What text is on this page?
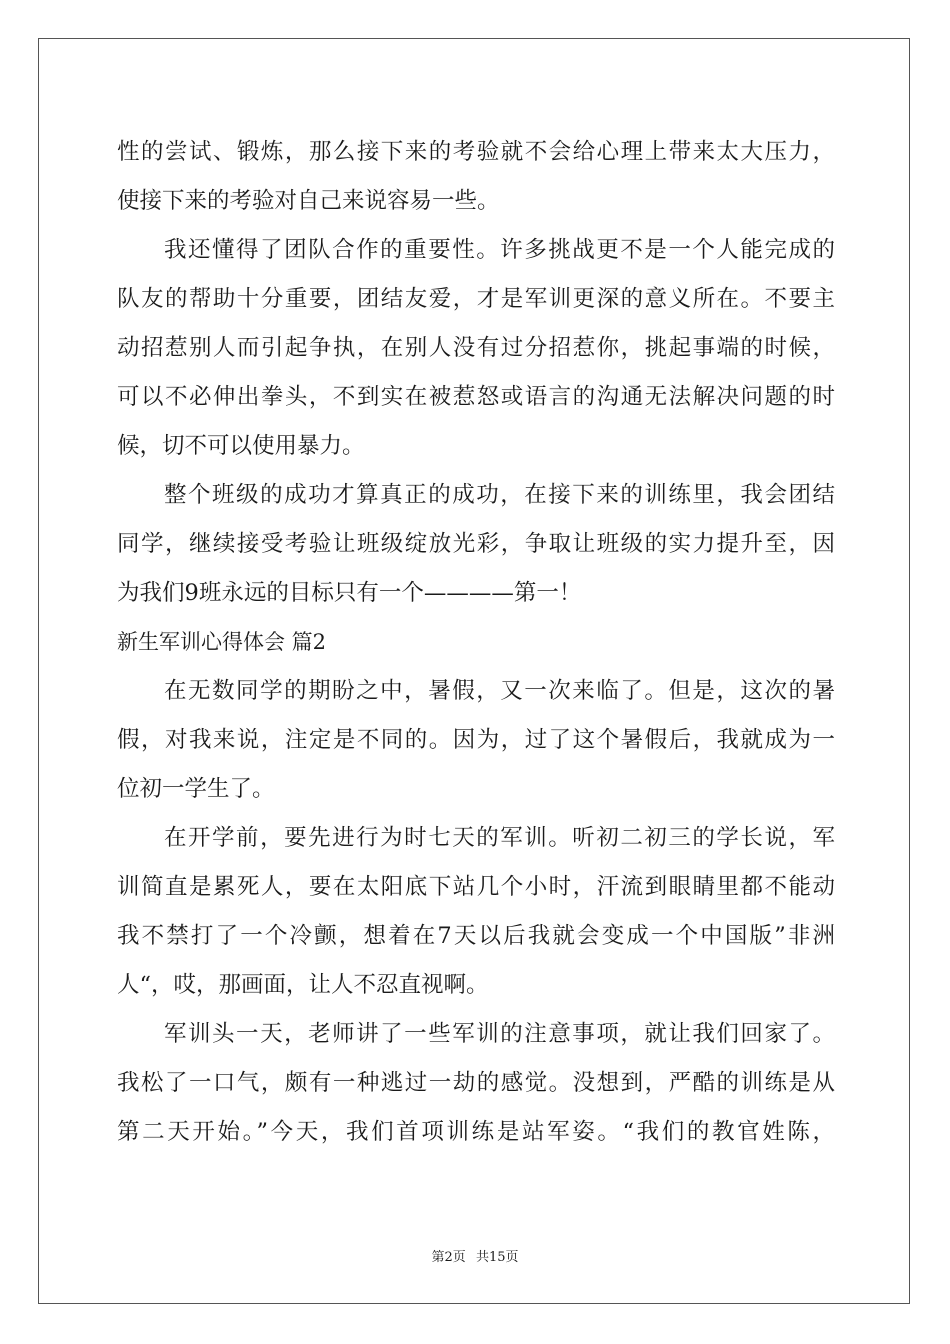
性的尝试、锻炼，那么接下来的考验就不会给心理上带来太大压力，
使接下来的考验对自己来说容易一些。
我还懂得了团队合作的重要性。许多挑战更不是一个人能完成的
队友的帮助十分重要，团结友爱，才是军训更深的意义所在。不要主
动招惹别人而引起争执，在别人没有过分招惹你，挑起事端的时候，
可以不必伸出拳头，不到实在被惹怒或语言的沟通无法解决问题的时
候，切不可以使用暴力。
整个班级的成功才算真正的成功，在接下来的训练里，我会团结
同学，继续接受考验让班级绽放光彩，争取让班级的实力提升至，因
为我们9班永远的目标只有一个————第一！
新生军训心得体会 篇2
在无数同学的期盼之中，暑假，又一次来临了。但是，这次的暑
假，对我来说，注定是不同的。因为，过了这个暑假后，我就成为一
位初一学生了。
在开学前，要先进行为时七天的军训。听初二初三的学长说，军
训简直是累死人，要在太阳底下站几个小时，汗流到眼睛里都不能动
我不禁打了一个冷颤，想着在7天以后我就会变成一个中国版”非洲
人“，哎，那画面，让人不忍直视啊。
军训头一天，老师讲了一些军训的注意事项，就让我们回家了。
我松了一口气，颇有一种逃过一劫的感觉。没想到，严酷的训练是从
第二天开始。”今天，我们首项训练是站军姿。“我们的教官姓陈，
第2页 共15页
